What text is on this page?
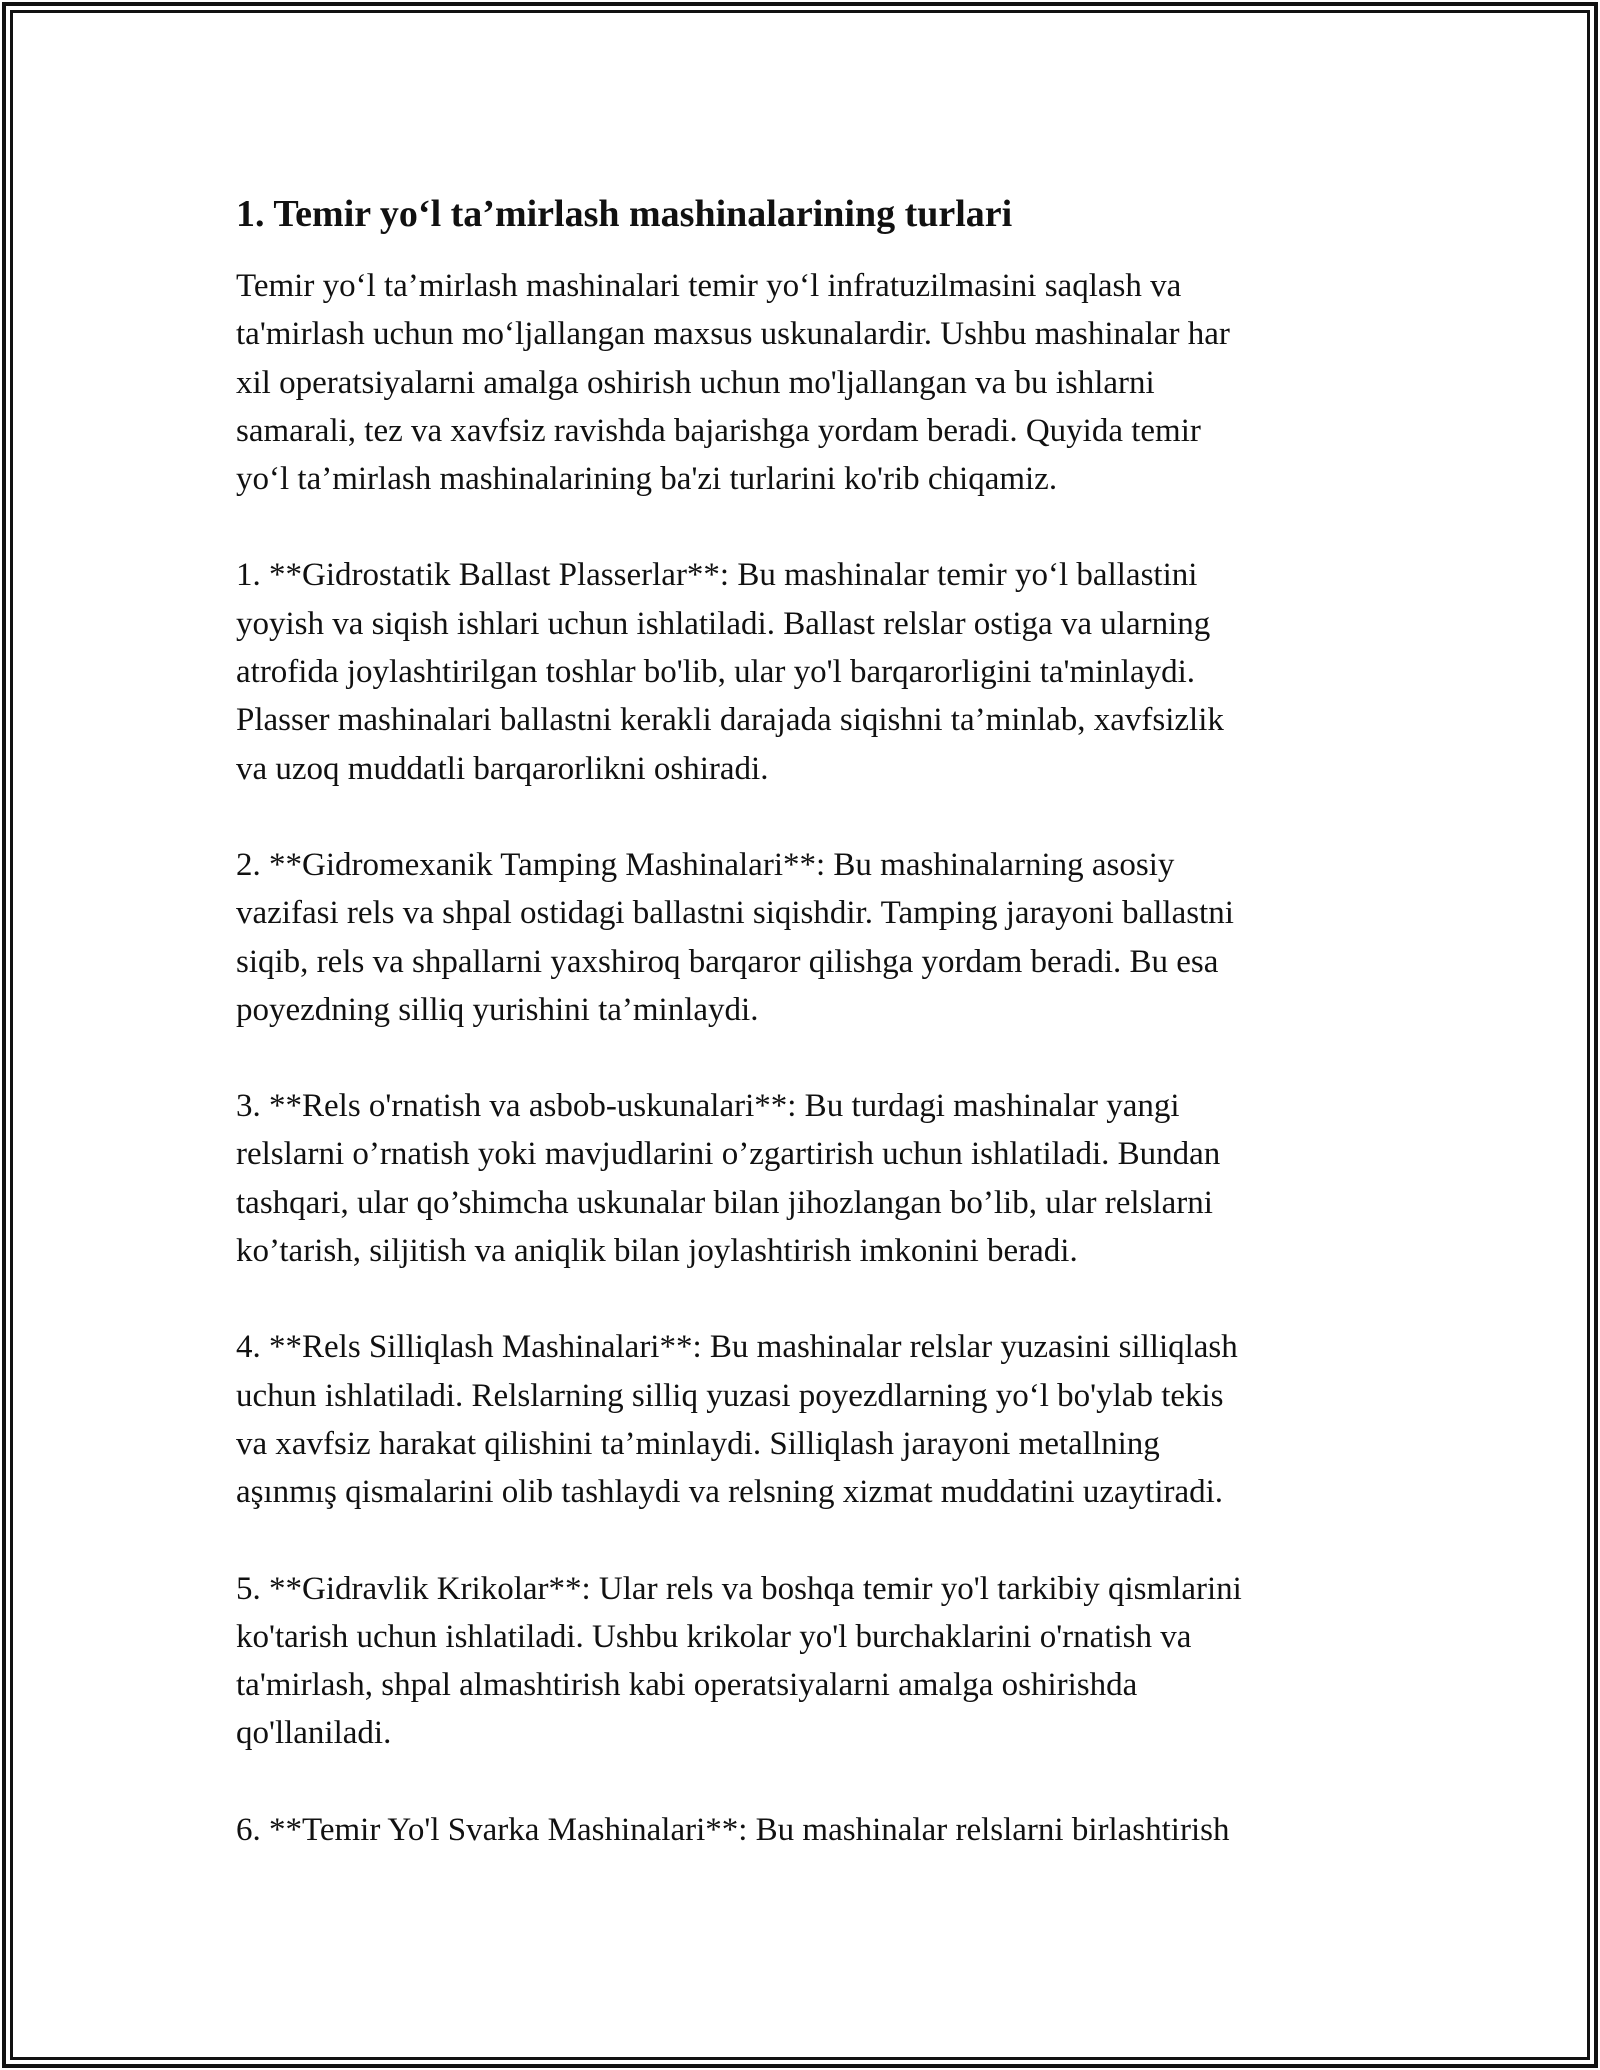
1. Temir yo‘l ta’mirlash mashinalarining turlari

Temir yo‘l ta’mirlash mashinalari temir yo‘l infratuzilmasini saqlash va
ta'mirlash uchun mo‘ljallangan maxsus uskunalardir. Ushbu mashinalar har
xil operatsiyalarni amalga oshirish uchun mo'ljallangan va bu ishlarni
samarali, tez va xavfsiz ravishda bajarishga yordam beradi. Quyida temir
yo‘l ta’mirlash mashinalarining ba'zi turlarini ko'rib chiqamiz.

1. **Gidrostatik Ballast Plasserlar**: Bu mashinalar temir yo‘l ballastini
yoyish va siqish ishlari uchun ishlatiladi. Ballast relslar ostiga va ularning
atrofida joylashtirilgan toshlar bo'lib, ular yo'l barqarorligini ta'minlaydi.
Plasser mashinalari ballastni kerakli darajada siqishni ta’minlab, xavfsizlik
va uzoq muddatli barqarorlikni oshiradi.

2. **Gidromexanik Tamping Mashinalari**: Bu mashinalarning asosiy
vazifasi rels va shpal ostidagi ballastni siqishdir. Tamping jarayoni ballastni
siqib, rels va shpallarni yaxshiroq barqaror qilishga yordam beradi. Bu esa
poyezdning silliq yurishini ta’minlaydi.

3. **Rels o'rnatish va asbob-uskunalari**: Bu turdagi mashinalar yangi
relslarni o’rnatish yoki mavjudlarini o’zgartirish uchun ishlatiladi. Bundan
tashqari, ular qo’shimcha uskunalar bilan jihozlangan bo’lib, ular relslarni
ko’tarish, siljitish va aniqlik bilan joylashtirish imkonini beradi.

4. **Rels Silliqlash Mashinalari**: Bu mashinalar relslar yuzasini silliqlash
uchun ishlatiladi. Relslarning silliq yuzasi poyezdlarning yo‘l bo'ylab tekis
va xavfsiz harakat qilishini ta’minlaydi. Silliqlash jarayoni metallning
aşınmış qismalarini olib tashlaydi va relsning xizmat muddatini uzaytiradi.

5. **Gidravlik Krikolar**: Ular rels va boshqa temir yo'l tarkibiy qismlarini
ko'tarish uchun ishlatiladi. Ushbu krikolar yo'l burchaklarini o'rnatish va
ta'mirlash, shpal almashtirish kabi operatsiyalarni amalga oshirishda
qo'llaniladi.

6. **Temir Yo'l Svarka Mashinalari**: Bu mashinalar relslarni birlashtirish
